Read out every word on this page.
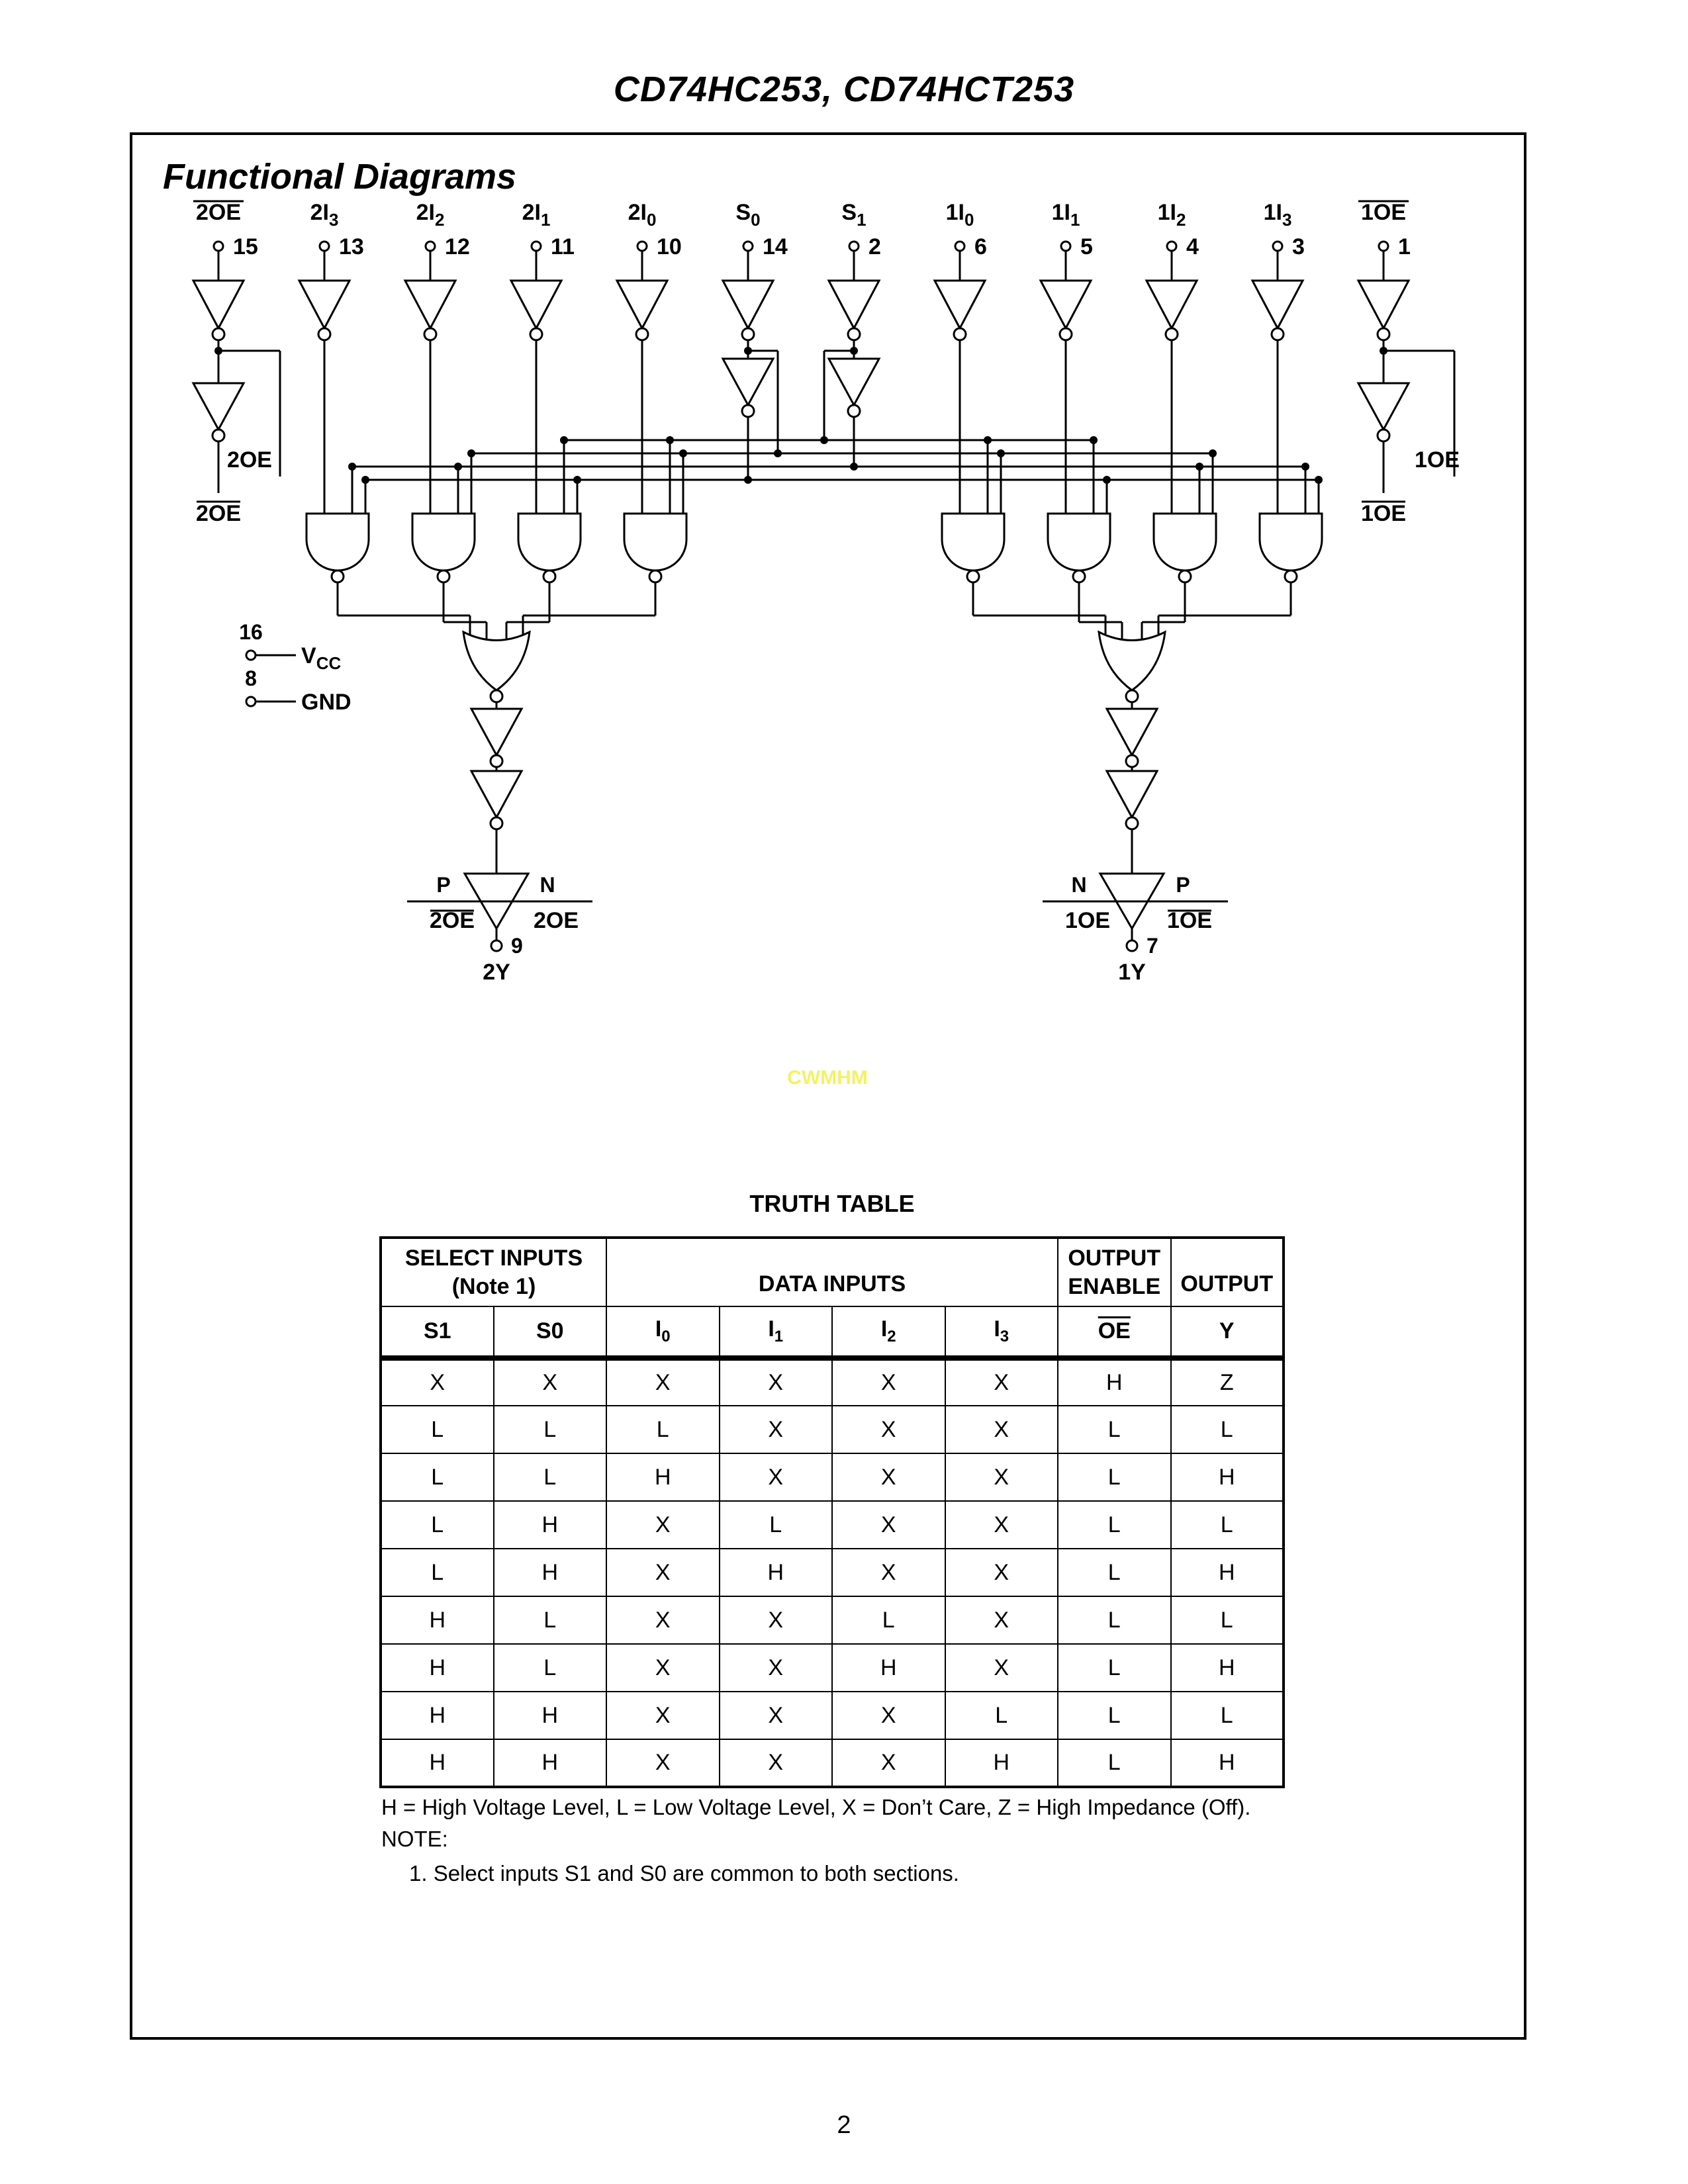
CD74HC253, CD74HCT253
Functional Diagrams
2OE
15
$2I_3$
13
$2I_2$
12
$2I_1$
11
$2I_0$
10
$S_0$
14
$S_1$
2
$1I_0$
6
$1I_1$
5
$1I_2$
4
$1I_3$
3
1OE
1
2OE
2OE
1OE
1OE
16
$V_{CC}$
8
GND
P	N
2OE	2OE
9
2Y
N	P
1OE	1OE
7
1Y
CWMHM
TRUTH TABLE
SELECT INPUTS
(Note 1)	DATA INPUTS	
OUTPUT
ENABLE	OUTPUT
S1	S0	$I_0$	$I_1$	$I_2$	$I_3$	$\overline{OE}$	Y
X	X	X	X	X	X	H	Z
L	L	L	X	X	X	L	L
L	L	H	X	X	X	L	H
L	H	X	L	X	X	L	L
L	H	X	H	X	X	L	H
H	L	X	X	L	X	L	L
H	L	X	X	H	X	L	H
H	H	X	X	X	L	L	L
H	H	X	X	X	H	L	H
H = High Voltage Level, L = Low Voltage Level, X = Don’t Care, Z = High Impedance (Off).
NOTE:
1. Select inputs S1 and S0 are common to both sections.
2
